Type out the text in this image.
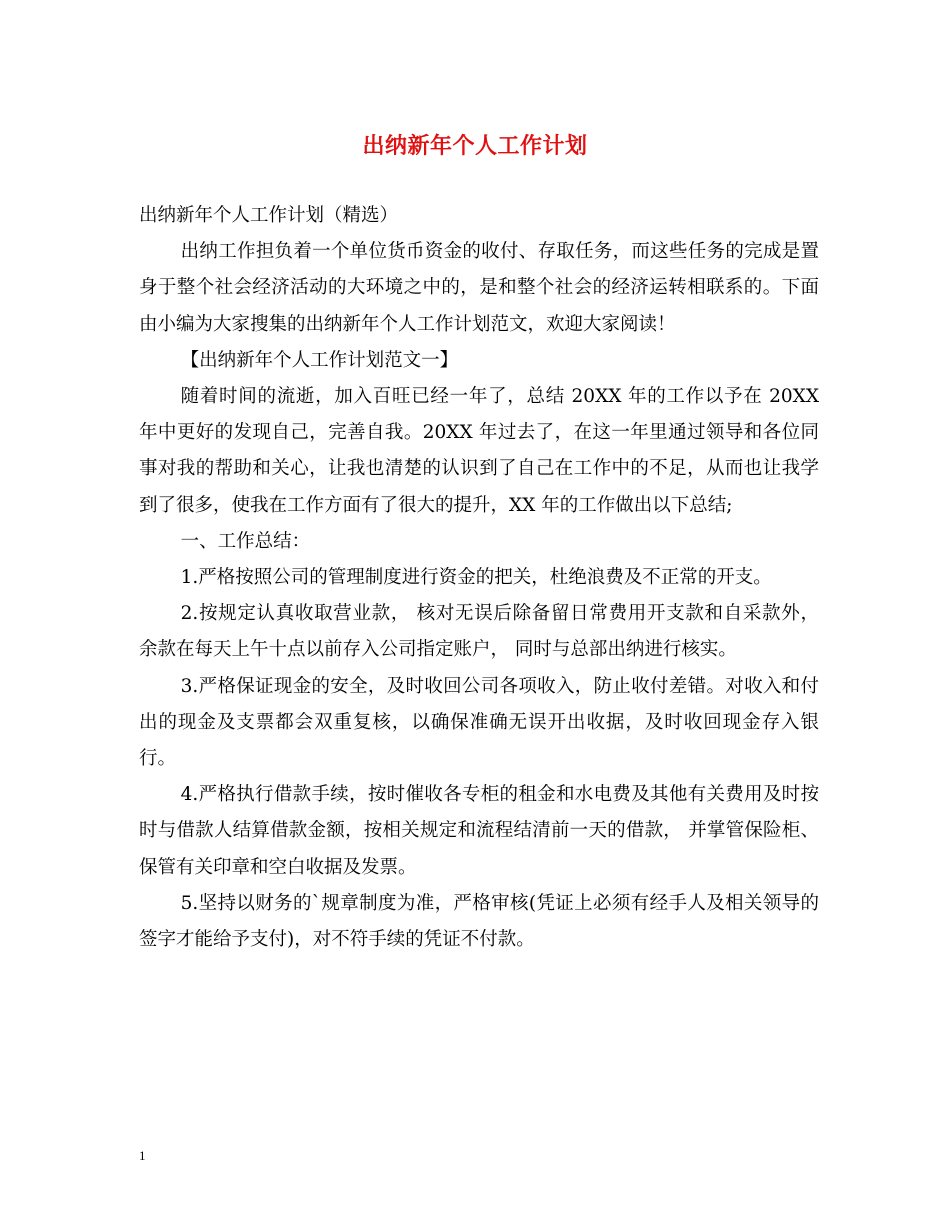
出纳新年个人工作计划

出纳新年个人工作计划（精选）

出纳工作担负着一个单位货币资金的收付、存取任务，而这些任务的完成是置身于整个社会经济活动的大环境之中的，是和整个社会的经济运转相联系的。下面由小编为大家搜集的出纳新年个人工作计划范文，欢迎大家阅读！

【出纳新年个人工作计划范文一】

随着时间的流逝，加入百旺已经一年了，总结 20XX 年的工作以予在 20XX 年中更好的发现自己，完善自我。20XX 年过去了，在这一年里通过领导和各位同事对我的帮助和关心，让我也清楚的认识到了自己在工作中的不足，从而也让我学到了很多，使我在工作方面有了很大的提升，XX 年的工作做出以下总结;

一、工作总结：

1.严格按照公司的管理制度进行资金的把关，杜绝浪费及不正常的开支。

2.按规定认真收取营业款， 核对无误后除备留日常费用开支款和自采款外， 余款在每天上午十点以前存入公司指定账户， 同时与总部出纳进行核实。

3.严格保证现金的安全，及时收回公司各项收入，防止收付差错。对收入和付出的现金及支票都会双重复核，以确保准确无误开出收据，及时收回现金存入银行。

4.严格执行借款手续，按时催收各专柜的租金和水电费及其他有关费用及时按时与借款人结算借款金额，按相关规定和流程结清前一天的借款， 并掌管保险柜、保管有关印章和空白收据及发票。

5.坚持以财务的`规章制度为准，严格审核(凭证上必须有经手人及相关领导的签字才能给予支付)，对不符手续的凭证不付款。

1
